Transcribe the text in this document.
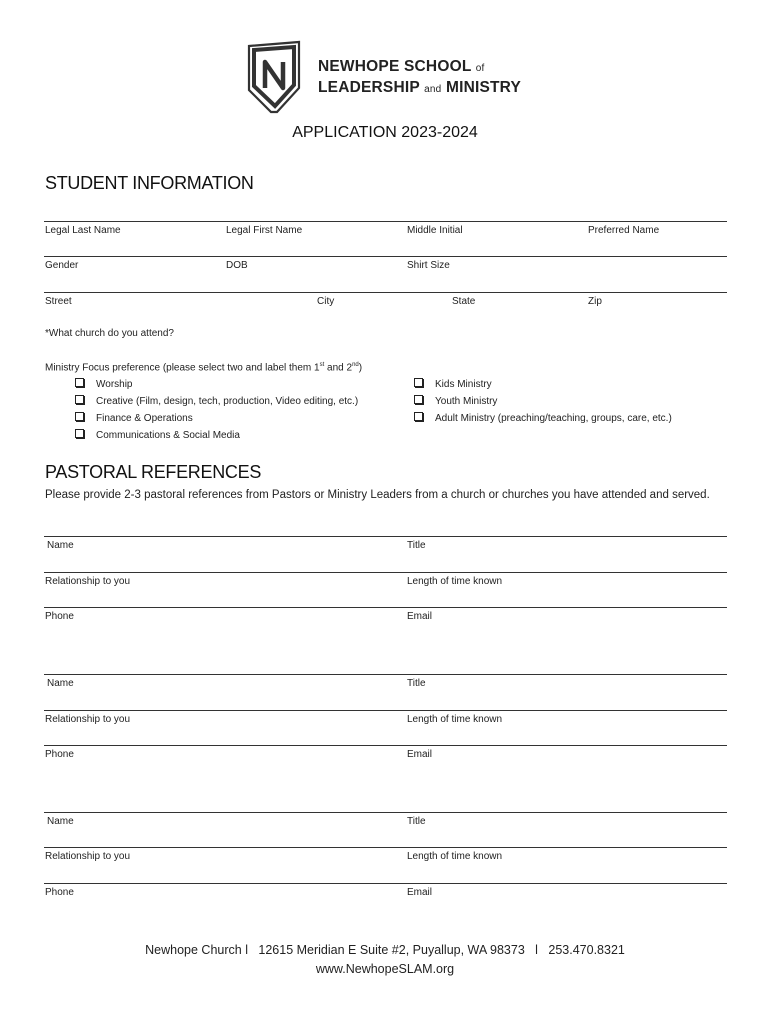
NEWHOPE SCHOOL of
LEADERSHIP and MINISTRY
APPLICATION 2023-2024
STUDENT INFORMATION
Legal Last Name	Legal First Name	Middle Initial	Preferred Name
Gender	DOB	Shirt Size
Street	City	State	Zip
*What church do you attend?
Ministry Focus preference (please select two and label them 1st and 2nd)
Worship
Creative (Film, design, tech, production, Video editing, etc.)
Finance & Operations
Communications & Social Media
Kids Ministry
Youth Ministry
Adult Ministry (preaching/teaching, groups, care, etc.)
PASTORAL REFERENCES
Please provide 2-3 pastoral references from Pastors or Ministry Leaders from a church or churches you have attended and served.
Name	Title
Relationship to you	Length of time known
Phone	Email
Name	Title
Relationship to you	Length of time known
Phone	Email
Name	Title
Relationship to you	Length of time known
Phone	Email
Newhope Church l   12615 Meridian E Suite #2, Puyallup, WA 98373   l   253.470.8321
www.NewhopeSLAM.org
